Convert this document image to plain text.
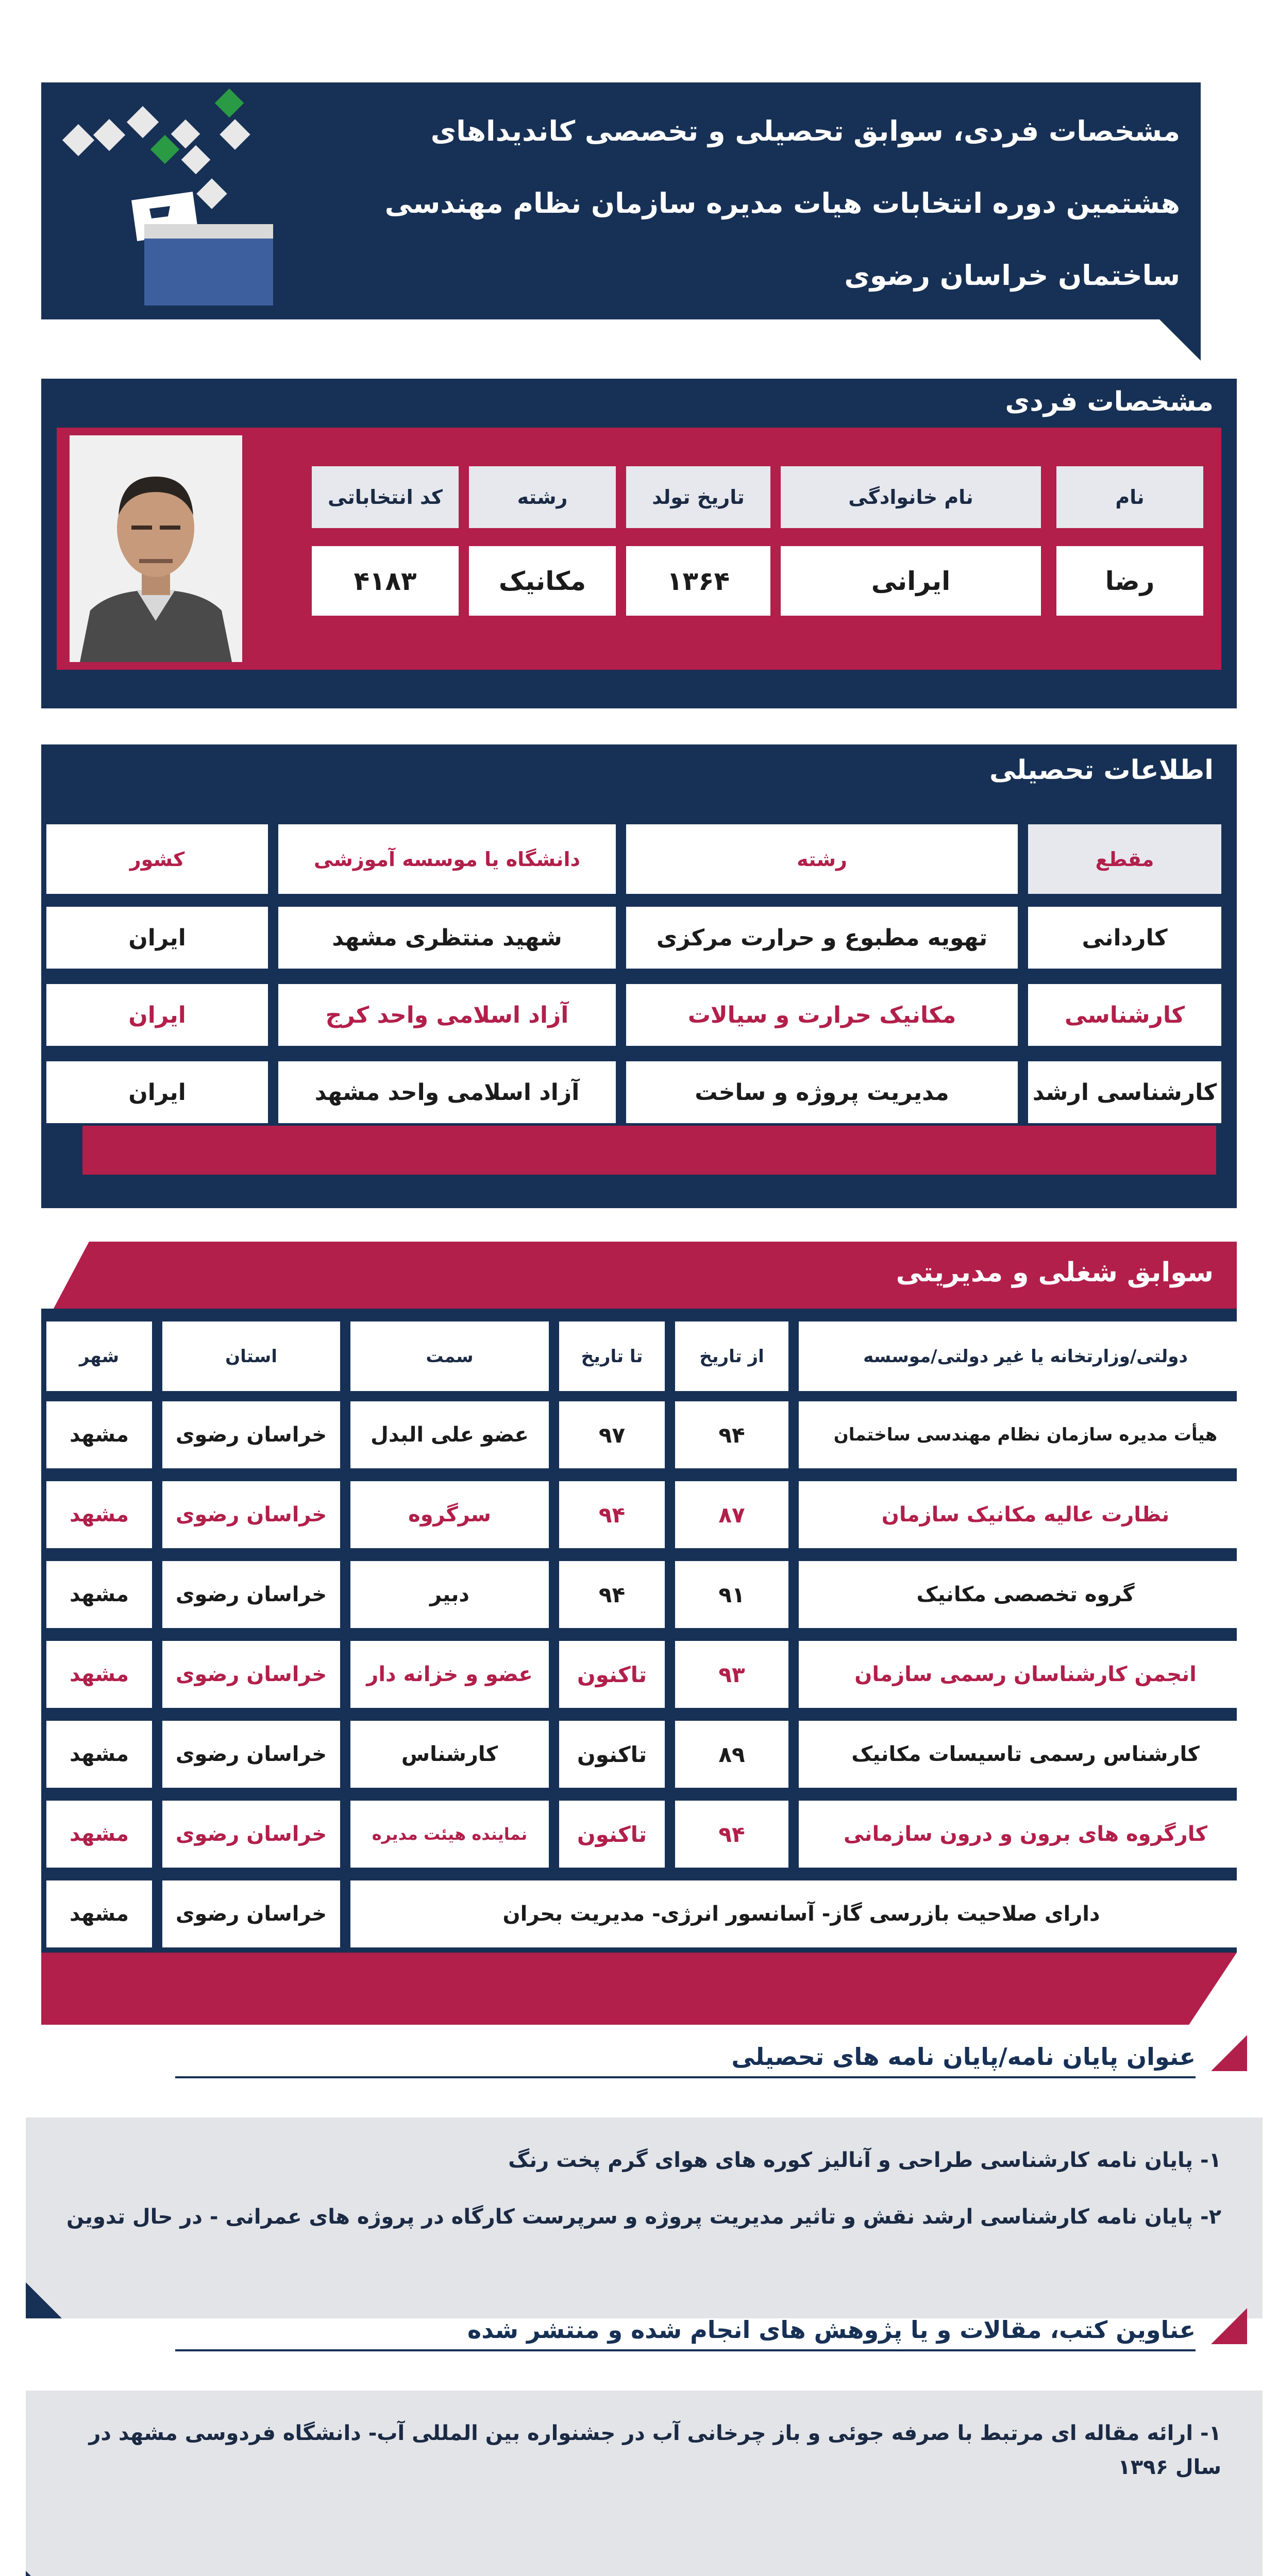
مشخصات فردی، سوابق تحصیلی و تخصصی کاندیداهای
هشتمین دوره انتخابات هیات مدیره سازمان نظام مهندسی
ساختمان خراسان رضوی
مشخصات فردی
نام
نام خانوادگی
تاریخ تولد
رشته
کد انتخاباتی
رضا
ایرانی
۱۳۶۴
مکانیک
۴۱۸۳
اطلاعات تحصیلی
مقطع
رشته
دانشگاه یا موسسه آموزشی
کشور
کاردانی
تهویه مطبوع و حرارت مرکزی
شهید منتظری مشهد
ایران
کارشناسی
مکانیک حرارت و سیالات
آزاد اسلامی واحد کرج
ایران
کارشناسی ارشد
مدیریت پروژه و ساخت
آزاد اسلامی واحد مشهد
ایران
سوابق شغلی و مدیریتی
دولتی/وزارتخانه یا غیر دولتی/موسسه
از تاریخ
تا تاریخ
سمت
استان
شهر
هیأت مدیره سازمان نظام مهندسی ساختمان
۹۴
۹۷
عضو علی البدل
خراسان رضوی
مشهد
نظارت عالیه مکانیک سازمان
۸۷
۹۴
سرگروه
خراسان رضوی
مشهد
گروه تخصصی مکانیک
۹۱
۹۴
دبیر
خراسان رضوی
مشهد
انجمن کارشناسان رسمی سازمان
۹۳
تاکنون
عضو و خزانه دار
خراسان رضوی
مشهد
کارشناس رسمی تاسیسات مکانیک
۸۹
تاکنون
کارشناس
خراسان رضوی
مشهد
کارگروه های برون و درون سازمانی
۹۴
تاکنون
نماینده هیئت مدیره
خراسان رضوی
مشهد
دارای صلاحیت بازرسی گاز- آسانسور انرژی- مدیریت بحران
خراسان رضوی
مشهد
عنوان پایان نامه/پایان نامه های تحصیلی
۱- پایان نامه کارشناسی طراحی و آنالیز کوره های هوای گرم پخت رنگ
۲- پایان نامه کارشناسی ارشد نقش و تاثیر مدیریت پروژه و سرپرست کارگاه در پروژه های عمرانی - در حال تدوین
عناوین کتب، مقالات و یا پژوهش های انجام شده و منتشر شده
۱- ارائه مقاله ای مرتبط با صرفه جوئی و باز چرخانی آب در جشنواره بین المللی آب- دانشگاه فردوسی مشهد در سال ۱۳۹۶
